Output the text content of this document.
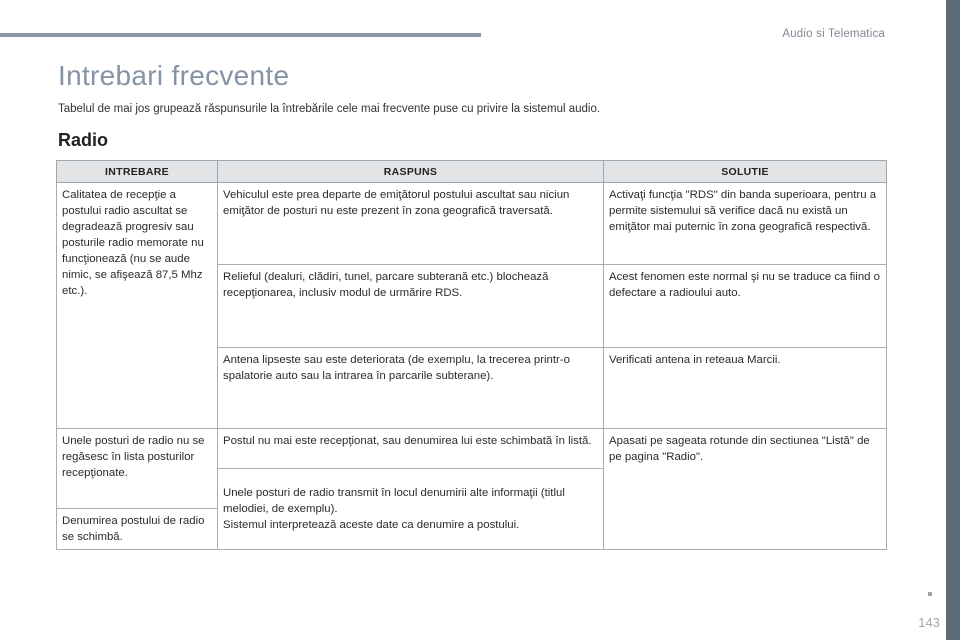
Audio si Telematica
Intrebari frecvente

Tabelul de mai jos grupează răspunsurile la întrebările cele mai frecvente puse cu privire la sistemul audio.

Radio
INTREBARE	RASPUNS	SOLUTIE
Calitatea de recepţie a postului radio ascultat se degradează progresiv sau posturile radio memorate nu funcţionează (nu se aude nimic, se afişează 87,5 Mhz etc.).	Vehiculul este prea departe de emiţătorul postului ascultat sau niciun emiţător de posturi nu este prezent în zona geografică traversată.	Activaţi funcţia "RDS" din banda superioara, pentru a permite sistemului să verifice dacă nu există un emiţător mai puternic în zona geografică respectivă.
	Relieful (dealuri, clădiri, tunel, parcare subterană etc.) blochează recepţionarea, inclusiv modul de urmărire RDS.	Acest fenomen este normal şi nu se traduce ca fiind o defectare a radioului auto.
	Antena lipseste sau este deteriorata (de exemplu, la trecerea printr-o spalatorie auto sau la intrarea în parcarile subterane).	Verificati antena in reteaua Marcii.
Unele posturi de radio nu se regăsesc în lista posturilor recepţionate.	Postul nu mai este recepţionat, sau denumirea lui este schimbată în listă.	Apasati pe sageata rotunde din sectiunea "Listă" de pe pagina "Radio".
	Unele posturi de radio transmit în locul denumirii alte informaţii (titlul melodiei, de exemplu).
Sistemul interpretează aceste date ca denumire a postului.	
Denumirea postului de radio se schimbă.		
143
